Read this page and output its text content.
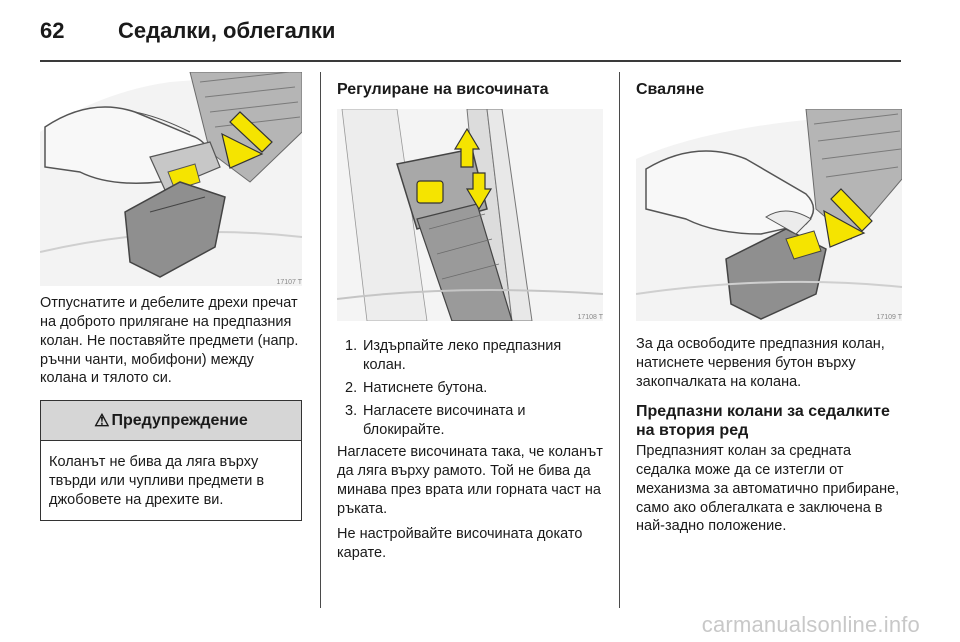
62 Седалки, облегалки
17107 T

Отпуснатите и дебелите дрехи пречат на доброто прилягане на предпазния колан. Не поставяйте предмети (напр. ръчни чанти, мобифони) между колана и тялото си.

⚠ Предупреждение
Коланът не бива да ляга върху твърди или чупливи предмети в джобовете на дрехите ви.
Регулиране на височината
17108 T
1. Издърпайте леко предпазния колан.
2. Натиснете бутона.
3. Нагласете височината и блокирайте.

Нагласете височината така, че коланът да ляга върху рамото. Той не бива да минава през врата или горната част на ръката.

Не настройвайте височината докато карате.

Сваляне
17109 T

За да освободите предпазния колан, натиснете червения бутон върху закопчалката на колана.

Предпазни колани за седалките на втория ред

Предпазният колан за средната седалка може да се изтегли от механизма за автоматично прибиране, само ако облегалката е заключена в най-задно положение.

carmanualsonline.info
